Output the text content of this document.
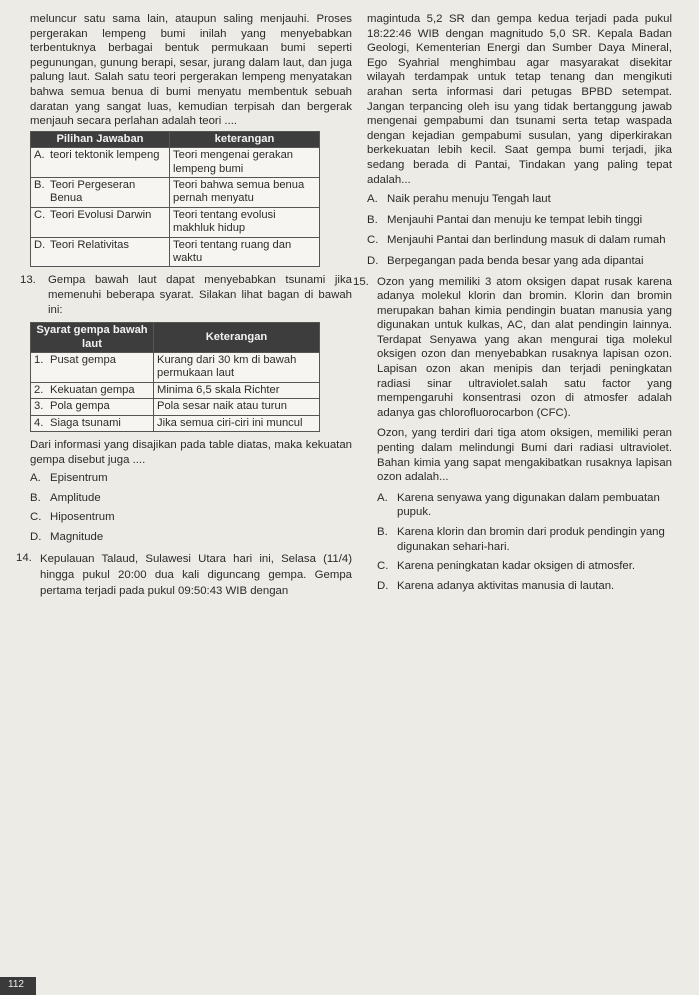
meluncur satu sama lain, ataupun saling menjauhi. Proses pergerakan lempeng bumi inilah yang menyebabkan terbentuknya berbagai bentuk permukaan bumi seperti pegunungan, gunung berapi, sesar, jurang dalam laut, dan juga palung laut. Salah satu teori pergerakan lempeng menyatakan bahwa semua benua di bumi menyatu membentuk sebuah daratan yang sangat luas, kemudian terpisah dan bergerak menjauh secara perlahan adalah teori ....

Pilihan Jawaban	keterangan

A. teori tektonik lempeng	Teori mengenai gerakan lempeng bumi

B. Teori Pergeseran Benua	Teori bahwa semua benua pernah menyatu

C. Teori Evolusi Darwin	Teori tentang evolusi makhluk hidup

D. Teori Relativitas	Teori tentang ruang dan waktu
13.	Gempa bawah laut dapat menyebabkan tsunami jika memenuhi beberapa syarat. Silakan lihat bagan di bawah ini:

Syarat gempa bawah laut	Keterangan

1. Pusat gempa	Kurang dari 30 km di bawah permukaan laut

2. Kekuatan gempa	Minima 6,5 skala Richter

3. Pola gempa	Pola sesar naik atau turun

4. Siaga tsunami	Jika semua ciri-ciri ini muncul

Dari informasi yang disajikan pada table diatas, maka kekuatan gempa disebut juga ....

A. Episentrum
B. Amplitude
C. Hiposentrum
D. Magnitude
14. Kepulauan Talaud, Sulawesi Utara hari ini, Selasa (11/4) hingga pukul 20:00 dua kali diguncang gempa. Gempa pertama terjadi pada pukul 09:50:43 WIB dengan

magintuda 5,2 SR dan gempa kedua terjadi pada pukul 18:22:46 WIB dengan magnitudo 5,0 SR. Kepala Badan Geologi, Kementerian Energi dan Sumber Daya Mineral, Ego Syahrial menghimbau agar masyarakat disekitar wilayah terdampak untuk tetap tenang dan mengikuti arahan serta informasi dari petugas BPBD setempat. Jangan terpancing oleh isu yang tidak bertanggung jawab mengenai gempabumi dan tsunami serta tetap waspada dengan kejadian gempabumi susulan, yang diperkirakan berkekuatan lebih kecil. Saat gempa bumi terjadi, jika sedang berada di Pantai, Tindakan yang paling tepat adalah...

A. Naik perahu menuju Tengah laut
B. Menjauhi Pantai dan menuju ke tempat lebih tinggi
C. Menjauhi Pantai dan berlindung masuk di dalam rumah
D. Berpegangan pada benda besar yang ada dipantai
15. Ozon yang memiliki 3 atom oksigen dapat rusak karena adanya molekul klorin dan bromin. Klorin dan bromin merupakan bahan kimia pendingin buatan manusia yang digunakan untuk kulkas, AC, dan alat pendingin lainnya. Terdapat Senyawa yang akan mengurai tiga molekul oksigen ozon dan menyebabkan rusaknya lapisan ozon. Lapisan ozon akan menipis dan terjadi peningkatan radiasi sinar ultraviolet.salah satu factor yang mempengaruhi konsentrasi ozon di atmosfer adalah adanya gas chlorofluorocarbon (CFC).

Ozon, yang terdiri dari tiga atom oksigen, memiliki peran penting dalam melindungi Bumi dari radiasi ultraviolet. Bahan kimia yang sapat mengakibatkan rusaknya lapisan ozon adalah...

A. Karena senyawa yang digunakan dalam pembuatan pupuk.
B. Karena klorin dan bromin dari produk pendingin yang digunakan sehari-hari.
C. Karena peningkatan kadar oksigen di atmosfer.
D. Karena adanya aktivitas manusia di lautan.
112
